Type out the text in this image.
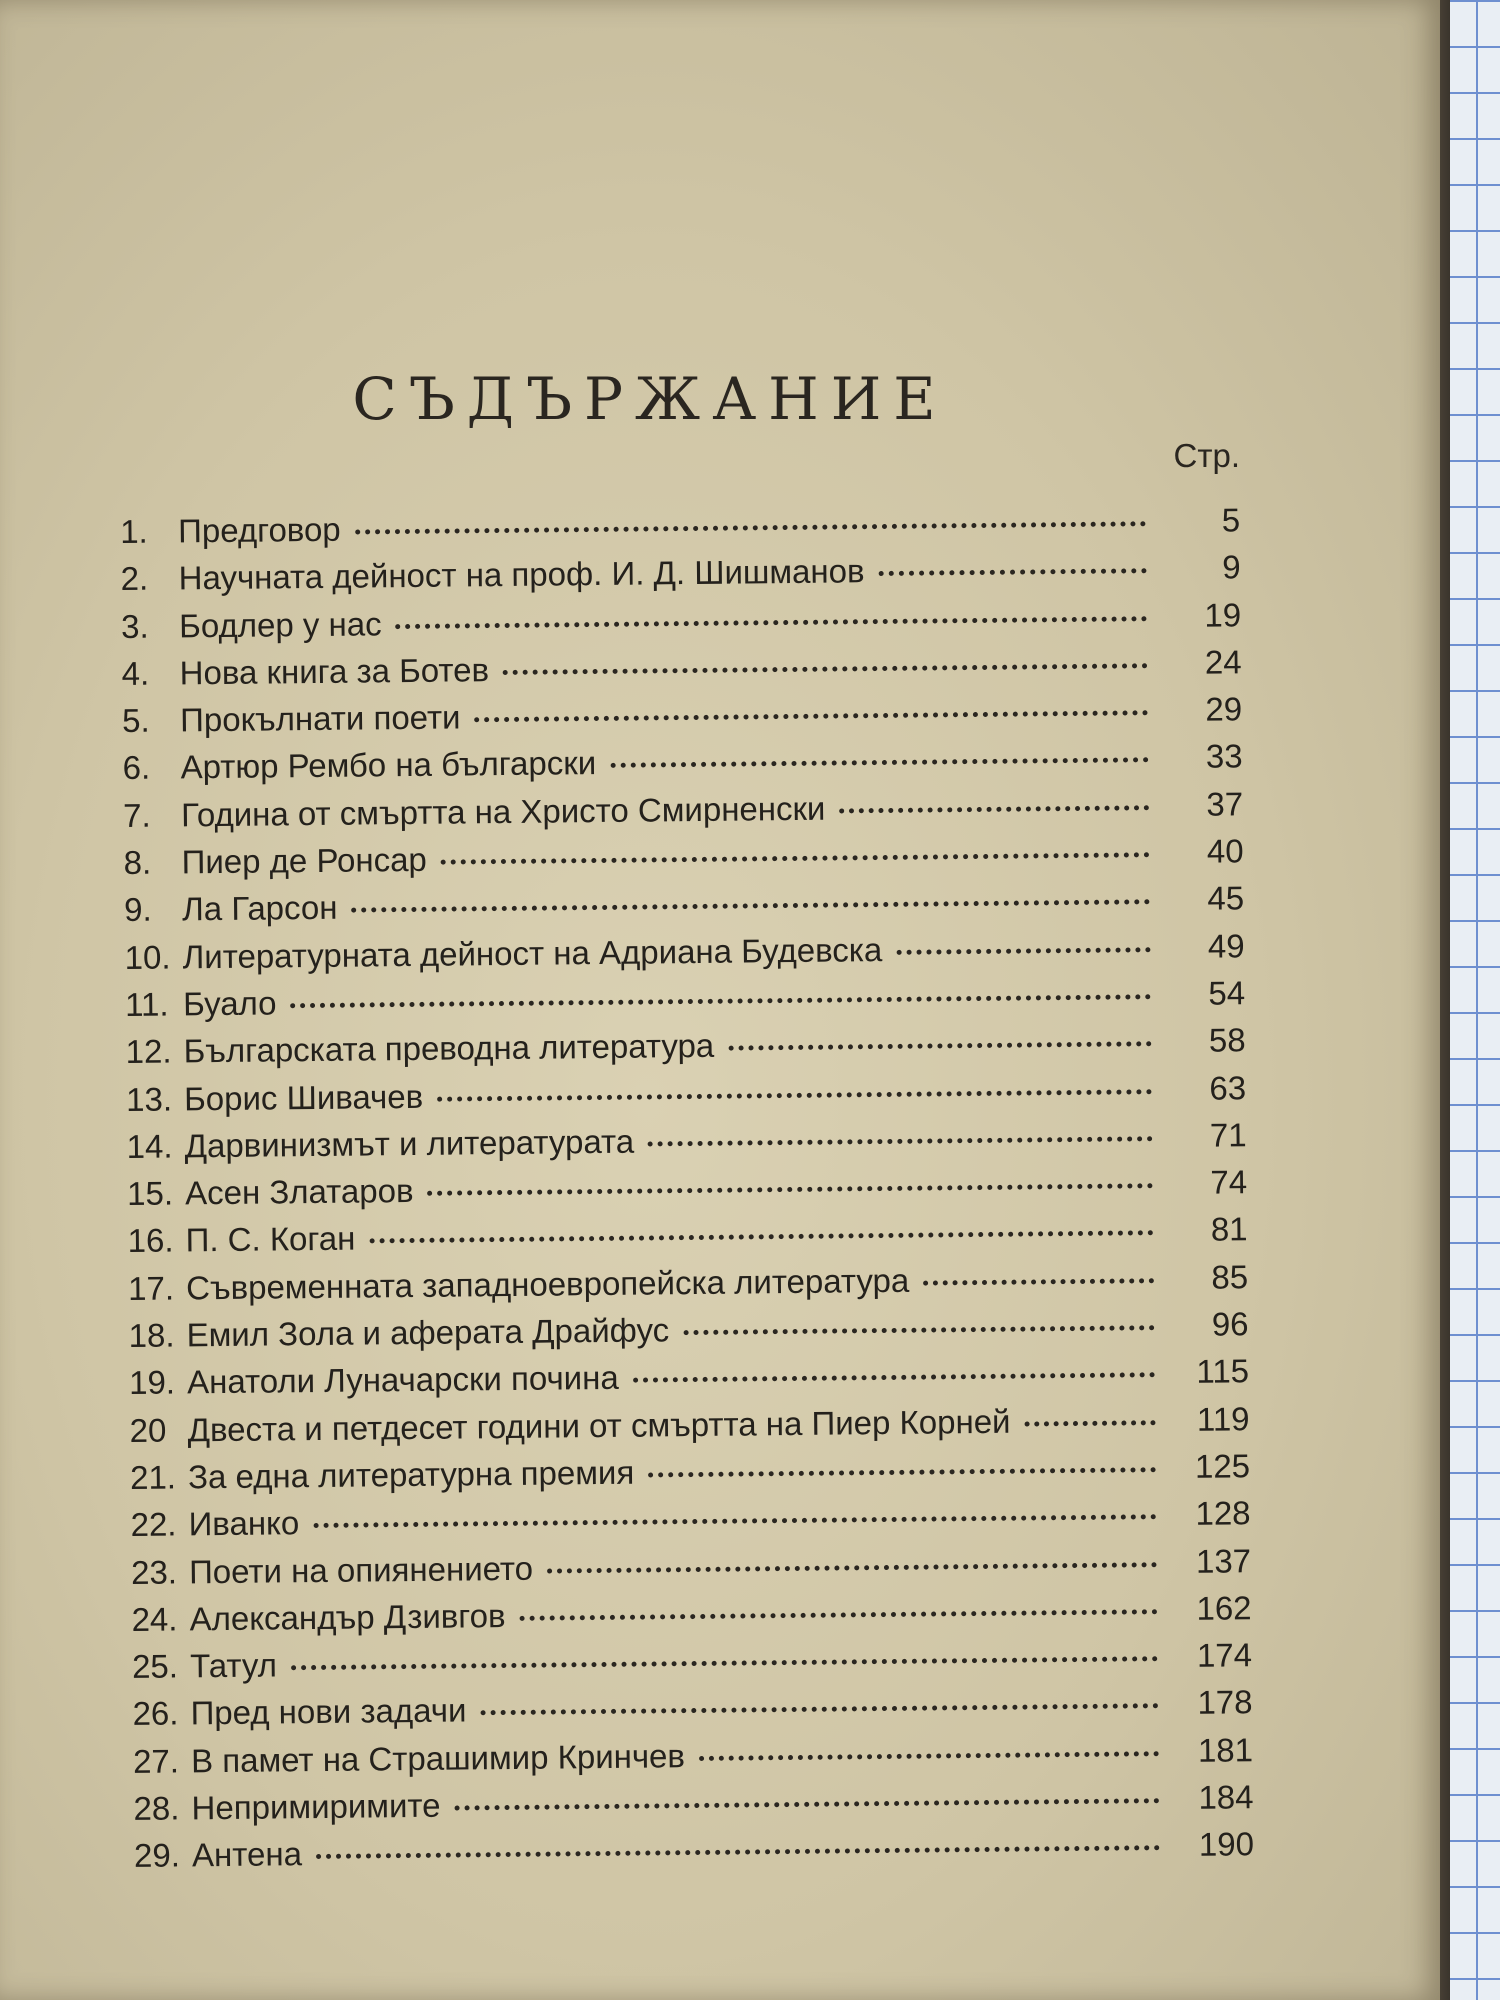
СЪДЪРЖАНИЕ
Стр.
1. Предговор	5
2. Научната дейност на проф. И. Д. Шишманов	9
3. Бодлер у нас	19
4. Нова книга за Ботев	24
5. Прокълнати поети	29
6. Артюр Рембо на български	33
7. Година от смъртта на Христо Смирненски	37
8. Пиер де Ронсар	40
9. Ла Гарсон	45
10. Литературната дейност на Адриана Будевска	49
11. Буало	54
12. Българската преводна литература	58
13. Борис Шивачев	63
14. Дарвинизмът и литературата	71
15. Асен Златаров	74
16. П. С. Коган	81
17. Съвременната западноевропейска литература	85
18. Емил Зола и аферата Драйфус	96
19. Анатоли Луначарски почина	115
20 Двеста и петдесет години от смъртта на Пиер Корней	119
21. За една литературна премия	125
22. Иванко	128
23. Поети на опиянението	137
24. Александър Дзивгов	162
25. Татул	174
26. Пред нови задачи	178
27. В памет на Страшимир Кринчев	181
28. Непримиримите	184
29. Антена	190
